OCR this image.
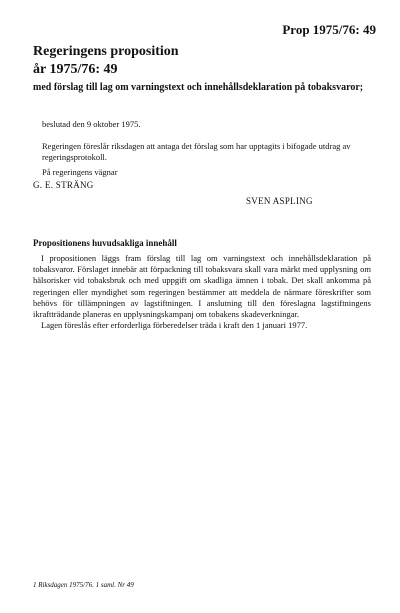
Prop 1975/76: 49
Regeringens proposition
år 1975/76: 49
med förslag till lag om varningstext och innehållsdeklaration på tobaksvaror;
beslutad den 9 oktober 1975.
Regeringen föreslår riksdagen att antaga det förslag som har upptagits i bifogade utdrag av regeringsprotokoll.
På regeringens vägnar
G. E. STRÄNG
SVEN ASPLING
Propositionens huvudsakliga innehåll

I propositionen läggs fram förslag till lag om varningstext och innehållsdeklaration på tobaksvaror. Förslaget innebär att förpackning till tobaksvara skall vara märkt med upplysning om hälsorisker vid tobaksbruk och med uppgift om skadliga ämnen i tobak. Det skall ankomma på regeringen eller myndighet som regeringen bestämmer att meddela de närmare föreskrifter som behövs för tillämpningen av lagstiftningen. I anslutning till den föreslagna lagstiftningens ikraftträdande planeras en upplysningskampanj om tobakens skadeverkningar.

Lagen föreslås efter erforderliga förberedelser träda i kraft den 1 januari 1977.

1 Riksdagen 1975/76. 1 saml. Nr 49
